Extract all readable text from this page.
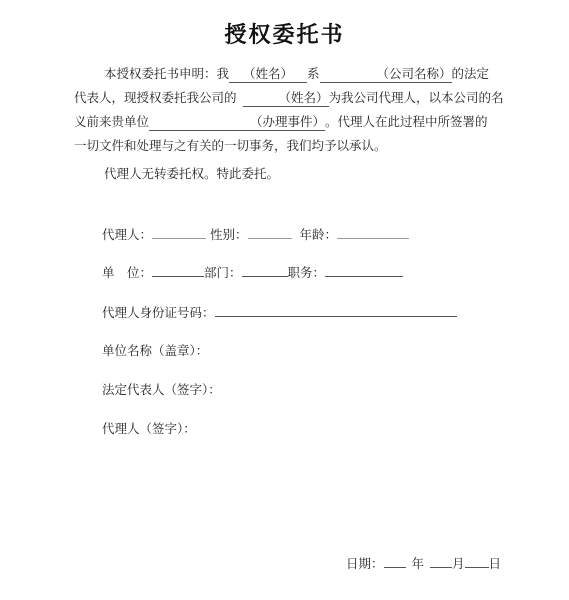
授权委托书
本授权委托书申明：我 （姓名） 系	（公司名称）的法定
代表人，现授权委托我公司的	（姓名）为我公司代理人，以本公司的名
义前来贵单位	（办理事件）。代理人在此过程中所签署的
一切文件和处理与之有关的一切事务，我们均予以承认。
代理人无转委托权。特此委托。
代理人：	性别：	年龄：
单　位：	部门：	职务：
代理人身份证号码：
单位名称（盖章）：
法定代表人（签字）：
代理人（签字）：
日期： 年 月 日
